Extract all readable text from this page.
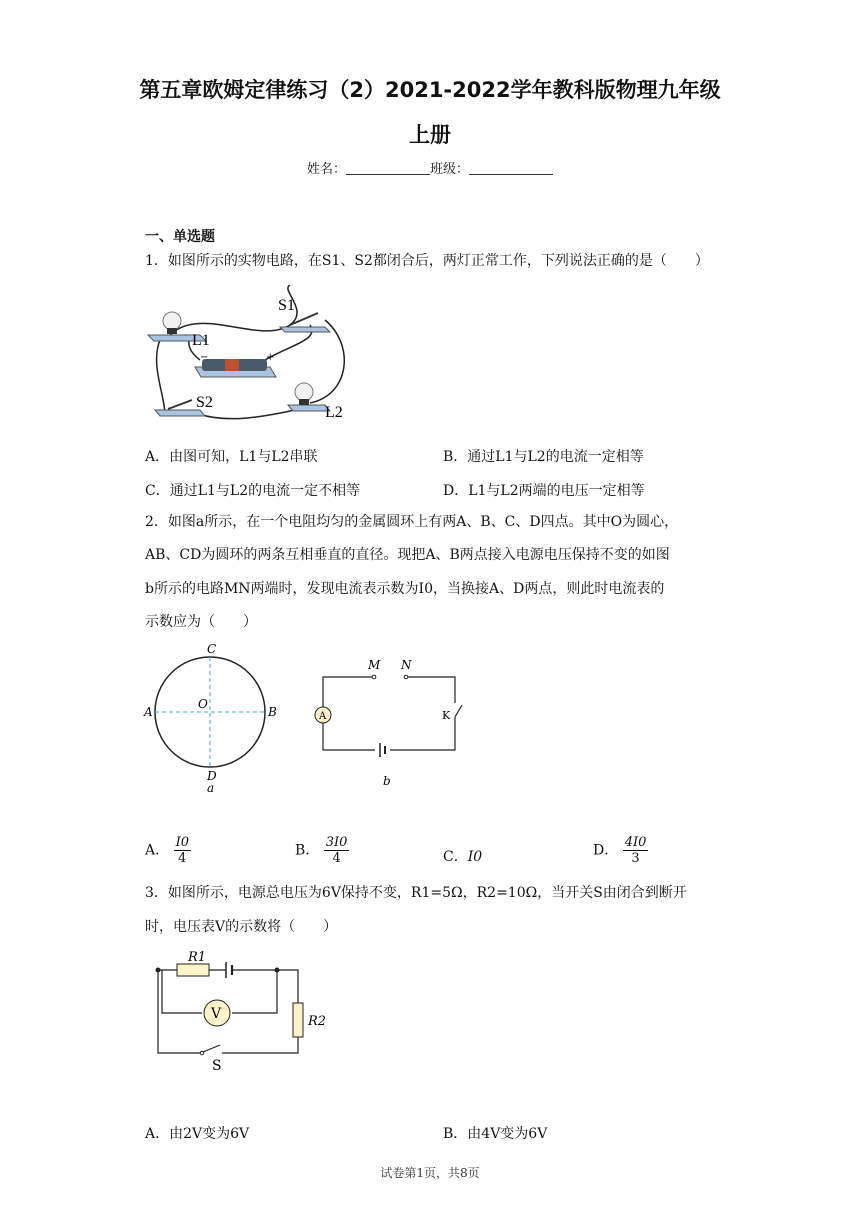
第五章欧姆定律练习（2）2021-2022学年教科版物理九年级
上册
姓名：	班级：
一、单选题
1．如图所示的实物电路，在S1、S2都闭合后，两灯正常工作，下列说法正确的是（　　）
L1
S1
−	+
S2
L2
A．由图可知，L1与L2串联	B．通过L1与L2的电流一定相等
C．通过L1与L2的电流一定不相等	D．L1与L2两端的电压一定相等
2．如图a所示，在一个电阻均匀的金属圆环上有两A、B、C、D四点。其中O为圆心，
AB、CD为圆环的两条互相垂直的直径。现把A、B两点接入电源电压保持不变的如图
b所示的电路MN两端时，发现电流表示数为I0，当换接A、D两点，则此时电流表的
示数应为（　　）
C
A
O
B
D
a
M N
A	K
b
A． $\frac{I0}{4}$	B． $\frac{3I0}{4}$	C．I0	D． $\frac{4I0}{3}$
3．如图所示，电源总电压为6V保持不变，R1=5Ω，R2=10Ω，当开关S由闭合到断开
时，电压表V的示数将（　　）
R1
V	R2
S
A．由2V变为6V	B．由4V变为6V
试卷第1页，共8页
